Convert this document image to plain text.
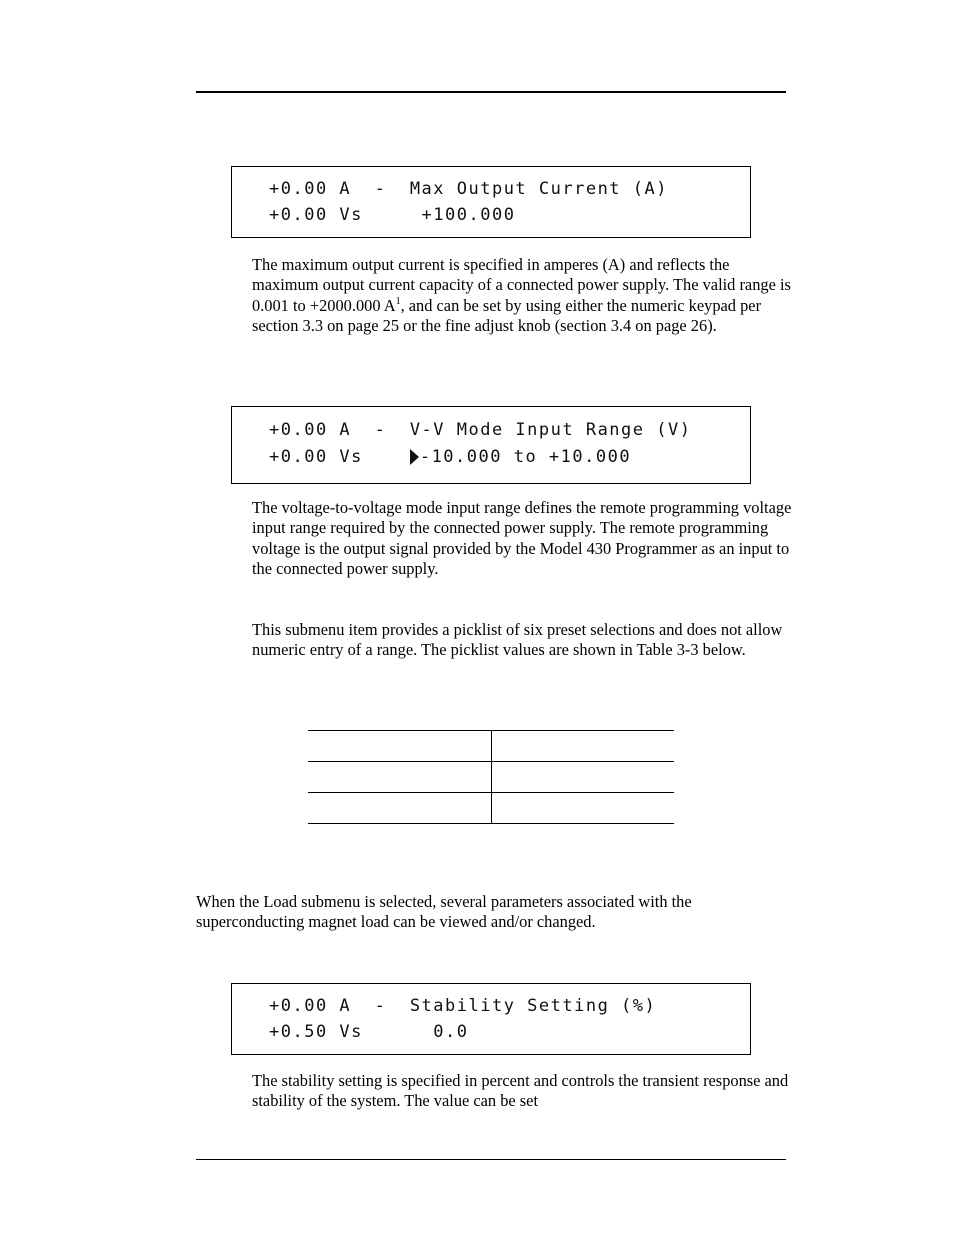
+0.00 A  -  Max Output Current (A)
+0.00 Vs     +100.000
The maximum output current is specified in amperes (A) and reflects the maximum output current capacity of a connected power supply. The valid range is 0.001 to +2000.000 $A^1$, and can be set by using either the numeric keypad per section 3.3 on page 25 or the fine adjust knob (section 3.4 on page 26).
+0.00 A  -  V-V Mode Input Range (V)
+0.00 Vs    -10.000 to +10.000
The voltage-to-voltage mode input range defines the remote programming voltage input range required by the connected power supply. The remote programming voltage is the output signal provided by the Model 430 Programmer as an input to the connected power supply.
This submenu item provides a picklist of six preset selections and does not allow numeric entry of a range. The picklist values are shown in Table 3-3 below.

When the Load submenu is selected, several parameters associated with the superconducting magnet load can be viewed and/or changed.
+0.00 A  -  Stability Setting (%)
+0.50 Vs      0.0
The stability setting is specified in percent and controls the transient response and stability of the system. The value can be set
